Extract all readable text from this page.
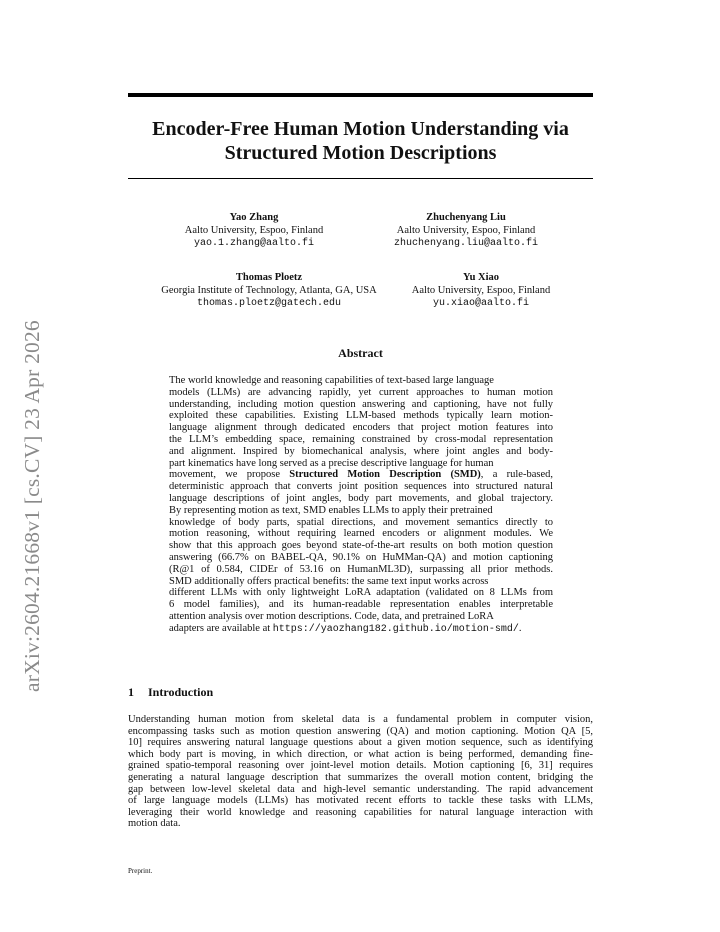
arXiv:2604.21668v1 [cs.CV] 23 Apr 2026
Encoder-Free Human Motion Understanding via
Structured Motion Descriptions
Yao Zhang
Aalto University, Espoo, Finland
yao.1.zhang@aalto.fi
Zhuchenyang Liu
Aalto University, Espoo, Finland
zhuchenyang.liu@aalto.fi
Thomas Ploetz
Georgia Institute of Technology, Atlanta, GA, USA
thomas.ploetz@gatech.edu
Yu Xiao
Aalto University, Espoo, Finland
yu.xiao@aalto.fi
Abstract
The world knowledge and reasoning capabilities of text-based large language
models (LLMs) are advancing rapidly, yet current approaches to human motion
understanding, including motion question answering and captioning, have not fully
exploited these capabilities. Existing LLM-based methods typically learn motion-
language alignment through dedicated encoders that project motion features into
the LLM’s embedding space, remaining constrained by cross-modal representation
and alignment. Inspired by biomechanical analysis, where joint angles and body-
part kinematics have long served as a precise descriptive language for human
movement, we propose Structured Motion Description (SMD), a rule-based,
deterministic approach that converts joint position sequences into structured natural
language descriptions of joint angles, body part movements, and global trajectory.
By representing motion as text, SMD enables LLMs to apply their pretrained
knowledge of body parts, spatial directions, and movement semantics directly to
motion reasoning, without requiring learned encoders or alignment modules. We
show that this approach goes beyond state-of-the-art results on both motion question
answering (66.7% on BABEL-QA, 90.1% on HuMMan-QA) and motion captioning
(R@1 of 0.584, CIDEr of 53.16 on HumanML3D), surpassing all prior methods.
SMD additionally offers practical benefits: the same text input works across
different LLMs with only lightweight LoRA adaptation (validated on 8 LLMs from
6 model families), and its human-readable representation enables interpretable
attention analysis over motion descriptions. Code, data, and pretrained LoRA
adapters are available at https://yaozhang182.github.io/motion-smd/.
1 Introduction
Understanding human motion from skeletal data is a fundamental problem in computer vision,
encompassing tasks such as motion question answering (QA) and motion captioning. Motion QA [5,
10] requires answering natural language questions about a given motion sequence, such as identifying
which body part is moving, in which direction, or what action is being performed, demanding fine-
grained spatio-temporal reasoning over joint-level motion details. Motion captioning [6, 31] requires
generating a natural language description that summarizes the overall motion content, bridging the
gap between low-level skeletal data and high-level semantic understanding. The rapid advancement
of large language models (LLMs) has motivated recent efforts to tackle these tasks with LLMs,
leveraging their world knowledge and reasoning capabilities for natural language interaction with
motion data.
Preprint.
